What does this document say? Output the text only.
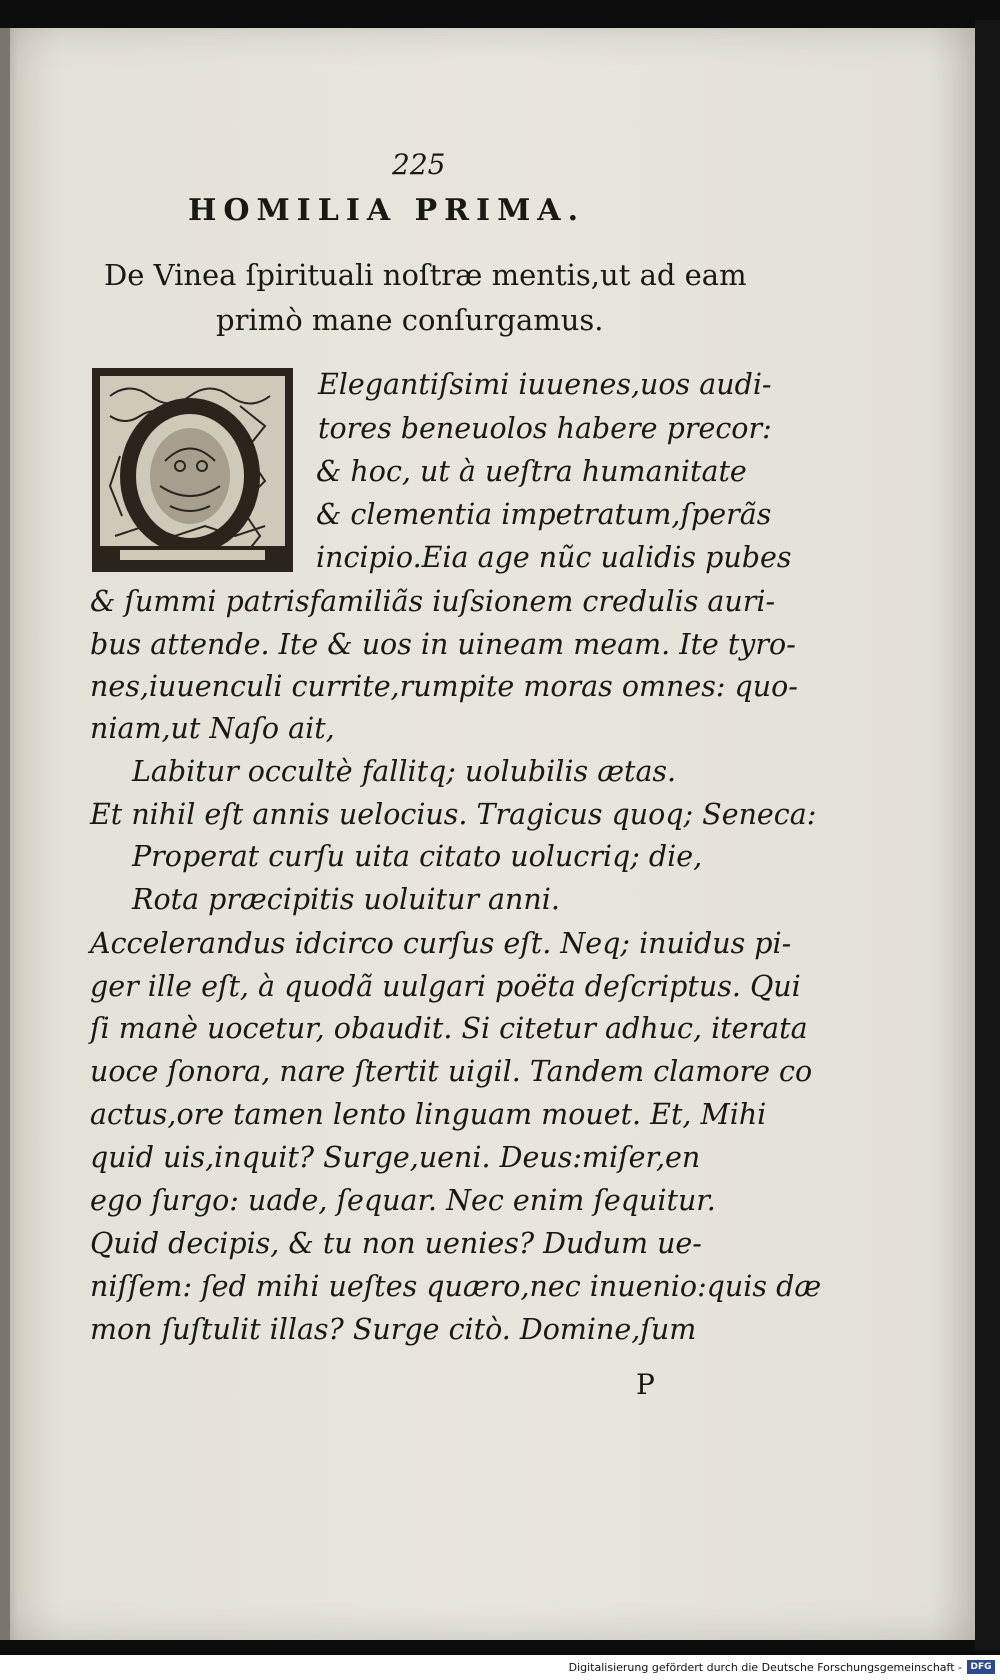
225
HOMILIA PRIMA.
De Vinea ſpirituali noſtræ mentis,ut ad eam
primò mane conſurgamus.
Elegantiſsimi iuuenes,uos audi-
tores beneuolos habere precor:
& hoc, ut à ueſtra humanitate
& clementia impetratum,ſperãs
incipio.Eia age nũc ualidis pubes
& ſummi patrisfamiliãs iuſsionem credulis auri-
bus attende. Ite & uos in uineam meam. Ite tyro-
nes,iuuenculi currite,rumpite moras omnes: quo-
niam,ut Naſo ait,
Labitur occultè fallitq; uolubilis ætas.
Et nihil eſt annis uelocius. Tragicus quoq; Seneca:
Properat curſu uita citato uolucriq; die,
Rota præcipitis uoluitur anni.
Accelerandus idcirco curſus eſt. Neq; inuidus pi-
ger ille eſt, à quodã uulgari poëta deſcriptus. Qui
ſi manè uocetur, obaudit. Si citetur adhuc, iterata
uoce ſonora, nare ſtertit uigil. Tandem clamore co
actus,ore tamen lento linguam mouet. Et, Mihi
quid uis,inquit? Surge,ueni. Deus:miſer,en
ego ſurgo: uade, ſequar. Nec enim ſequitur.
Quid decipis, & tu non uenies? Dudum ue-
niſſem: ſed mihi ueſtes quæro,nec inuenio:quis dæ
mon ſuſtulit illas? Surge citò. Domine,ſum
P
Digitalisierung gefördert durch die Deutsche Forschungsgemeinschaft - DFG
